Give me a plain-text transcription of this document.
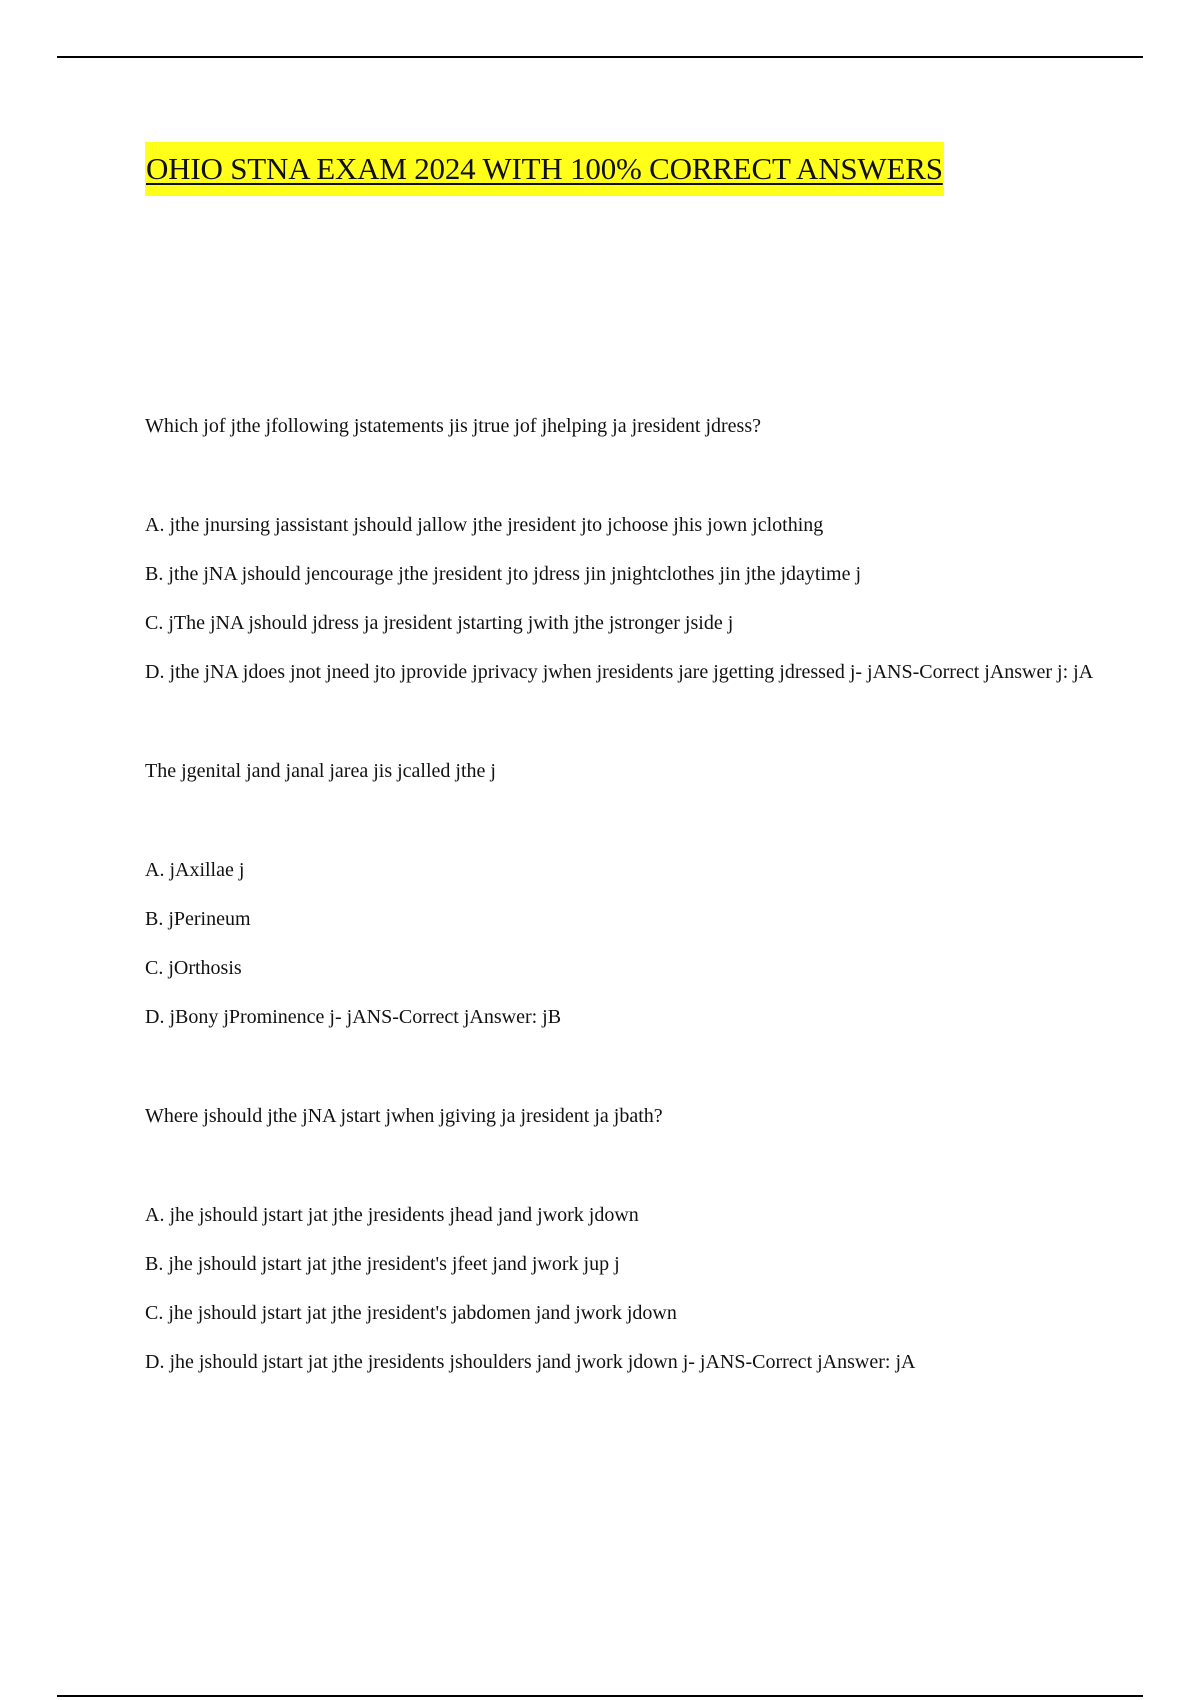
OHIO STNA EXAM 2024 WITH 100% CORRECT ANSWERS

Which jof jthe jfollowing jstatements jis jtrue jof jhelping ja jresident jdress?

A. jthe jnursing jassistant jshould jallow jthe jresident jto jchoose jhis jown jclothing
B. jthe jNA jshould jencourage jthe jresident jto jdress jin jnightclothes jin jthe jdaytime j
C. jThe jNA jshould jdress ja jresident jstarting jwith jthe jstronger jside j
D. jthe jNA jdoes jnot jneed jto jprovide jprivacy jwhen jresidents jare jgetting jdressed j- jANS-Correct jAnswer j: jA

The jgenital jand janal jarea jis jcalled jthe j

A. jAxillae j
B. jPerineum
C. jOrthosis
D. jBony jProminence j- jANS-Correct jAnswer: jB

Where jshould jthe jNA jstart jwhen jgiving ja jresident ja jbath?

A. jhe jshould jstart jat jthe jresidents jhead jand jwork jdown
B. jhe jshould jstart jat jthe jresident's jfeet jand jwork jup j
C. jhe jshould jstart jat jthe jresident's jabdomen jand jwork jdown
D. jhe jshould jstart jat jthe jresidents jshoulders jand jwork jdown j- jANS-Correct jAnswer: jA
